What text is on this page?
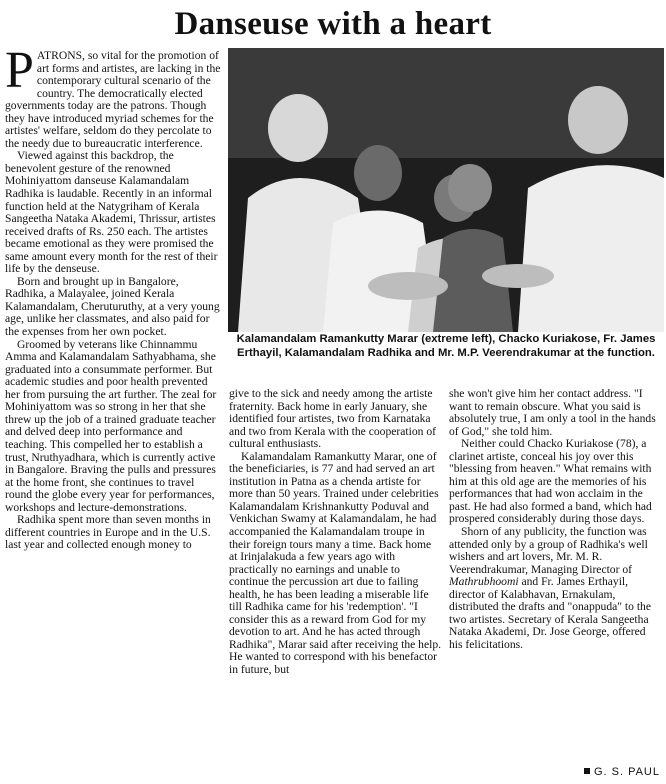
Danseuse with a heart

PATRONS, so vital for the promotion of art forms and artistes, are lacking in the contemporary cultural scenario of the country. The democratically elected governments today are the patrons. Though they have introduced myriad schemes for the artistes' welfare, seldom do they percolate to the needy due to bureaucratic interference.

Viewed against this backdrop, the benevolent gesture of the renowned Mohiniyattom danseuse Kalamandalam Radhika is laudable. Recently in an informal function held at the Natygriham of Kerala Sangeetha Nataka Akademi, Thrissur, artistes received drafts of Rs. 250 each. The artistes became emotional as they were promised the same amount every month for the rest of their life by the denseuse.

Born and brought up in Bangalore, Radhika, a Malayalee, joined Kerala Kalamandalam, Cheruturuthy, at a very young age, unlike her classmates, and also paid for the expenses from her own pocket.

Groomed by veterans like Chinnammu Amma and Kalamandalam Sathyabhama, she graduated into a consummate performer. But academic studies and poor health prevented her from pursuing the art further. The zeal for Mohiniyattom was so strong in her that she threw up the job of a trained graduate teacher and delved deep into performance and teaching. This compelled her to establish a trust, Nruthyadhara, which is currently active in Bangalore. Braving the pulls and pressures at the home front, she continues to travel round the globe every year for performances, workshops and lecture-demonstrations.

Radhika spent more than seven months in different countries in Europe and in the U.S. last year and collected enough money to

Kalamandalam Ramankutty Marar (extreme left), Chacko Kuriakose, Fr. James Erthayil, Kalamandalam Radhika and Mr. M.P. Veerendrakumar at the function.

give to the sick and needy among the artiste fraternity. Back home in early January, she identified four artistes, two from Karnataka and two from Kerala with the cooperation of cultural enthusiasts.

Kalamandalam Ramankutty Marar, one of the beneficiaries, is 77 and had served an art institution in Patna as a chenda artiste for more than 50 years. Trained under celebrities Kalamandalam Krishnankutty Poduval and Venkichan Swamy at Kalamandalam, he had accompanied the Kalamandalam troupe in their foreign tours many a time. Back home at Irinjalakuda a few years ago with practically no earnings and unable to continue the percussion art due to failing health, he has been leading a miserable life till Radhika came for his 'redemption'. "I consider this as a reward from God for my devotion to art. And he has acted through Radhika", Marar said after receiving the help. He wanted to correspond with his benefactor in future, but

she won't give him her contact address. "I want to remain obscure. What you said is absolutely true, I am only a tool in the hands of God," she told him.

Neither could Chacko Kuriakose (78), a clarinet artiste, conceal his joy over this "blessing from heaven." What remains with him at this old age are the memories of his performances that had won acclaim in the past. He had also formed a band, which had prospered considerably during those days.

Shorn of any publicity, the function was attended only by a group of Radhika's well wishers and art lovers, Mr. M. R. Veerendrakumar, Managing Director of Mathrubhoomi and Fr. James Erthayil, director of Kalabhavan, Ernakulam, distributed the drafts and "onappuda" to the two artistes. Secretary of Kerala Sangeetha Nataka Akademi, Dr. Jose George, offered his felicitations.

G. S. PAUL
